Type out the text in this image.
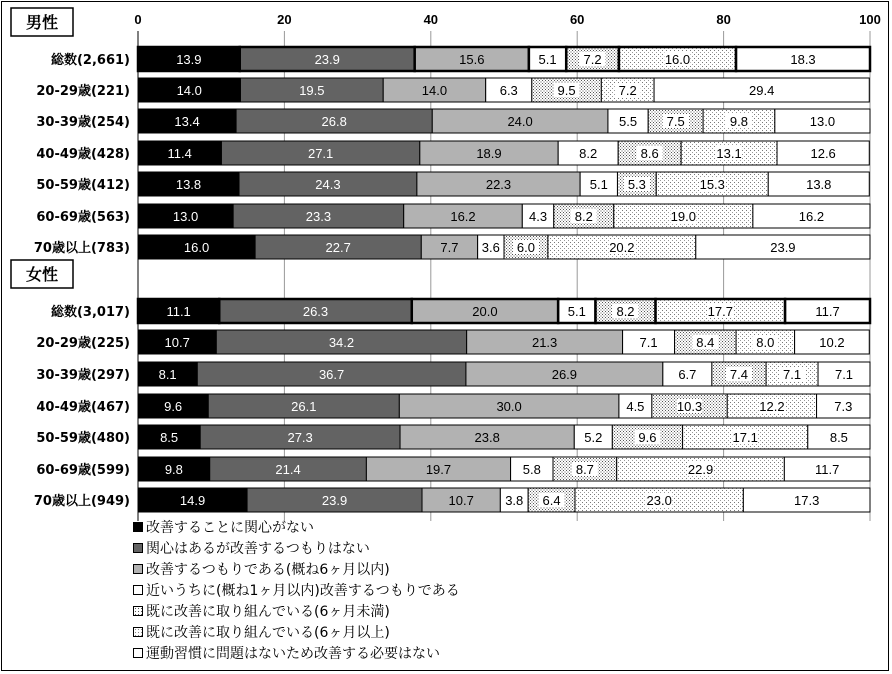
0	20	40	60	80	100
男性
総数(2,661)	13.9	23.9	15.6	5.1 7.2	16.0	18.3
20-29歳(221)	14.0	19.5	14.0	6.3	9.5	7.2	29.4
30-39歳(254)	13.4	26.8	24.0	5.5 7.5	9.8	13.0
40-49歳(428)	11.4	27.1	18.9	8.2	8.6	13.1	12.6
50-59歳(412)	13.8	24.3	22.3	5.1 5.3	15.3	13.8
60-69歳(563)	13.0	23.3	16.2	4.3 8.2	19.0	16.2
70歳以上(783)	16.0	22.7	7.7 3.6 6.0	20.2	23.9
女性
総数(3,017)	11.1	26.3	20.0	5.1 8.2	17.7	11.7
20-29歳(225)	10.7	34.2	21.3	7.1	8.4	8.0	10.2
30-39歳(297) 8.1	36.7	26.9	6.7	7.4	7.1	7.1
40-49歳(467)	9.6	26.1	30.0	4.5 10.3	12.2	7.3
50-59歳(480) 8.5	27.3	23.8	5.2	9.6	17.1	8.5
60-69歳(599)	9.8	21.4	19.7	5.8	8.7	22.9	11.7
70歳以上(949)	14.9	23.9	10.7 3.8 6.4	23.0	17.3
改善することに関心がない
関心はあるが改善するつもりはない
改善するつもりである(概ね6ヶ月以内)
近いうちに(概ね1ヶ月以内)改善するつもりである
既に改善に取り組んでいる(6ヶ月未満)
既に改善に取り組んでいる(6ヶ月以上)
運動習慣に問題はないため改善する必要はない
